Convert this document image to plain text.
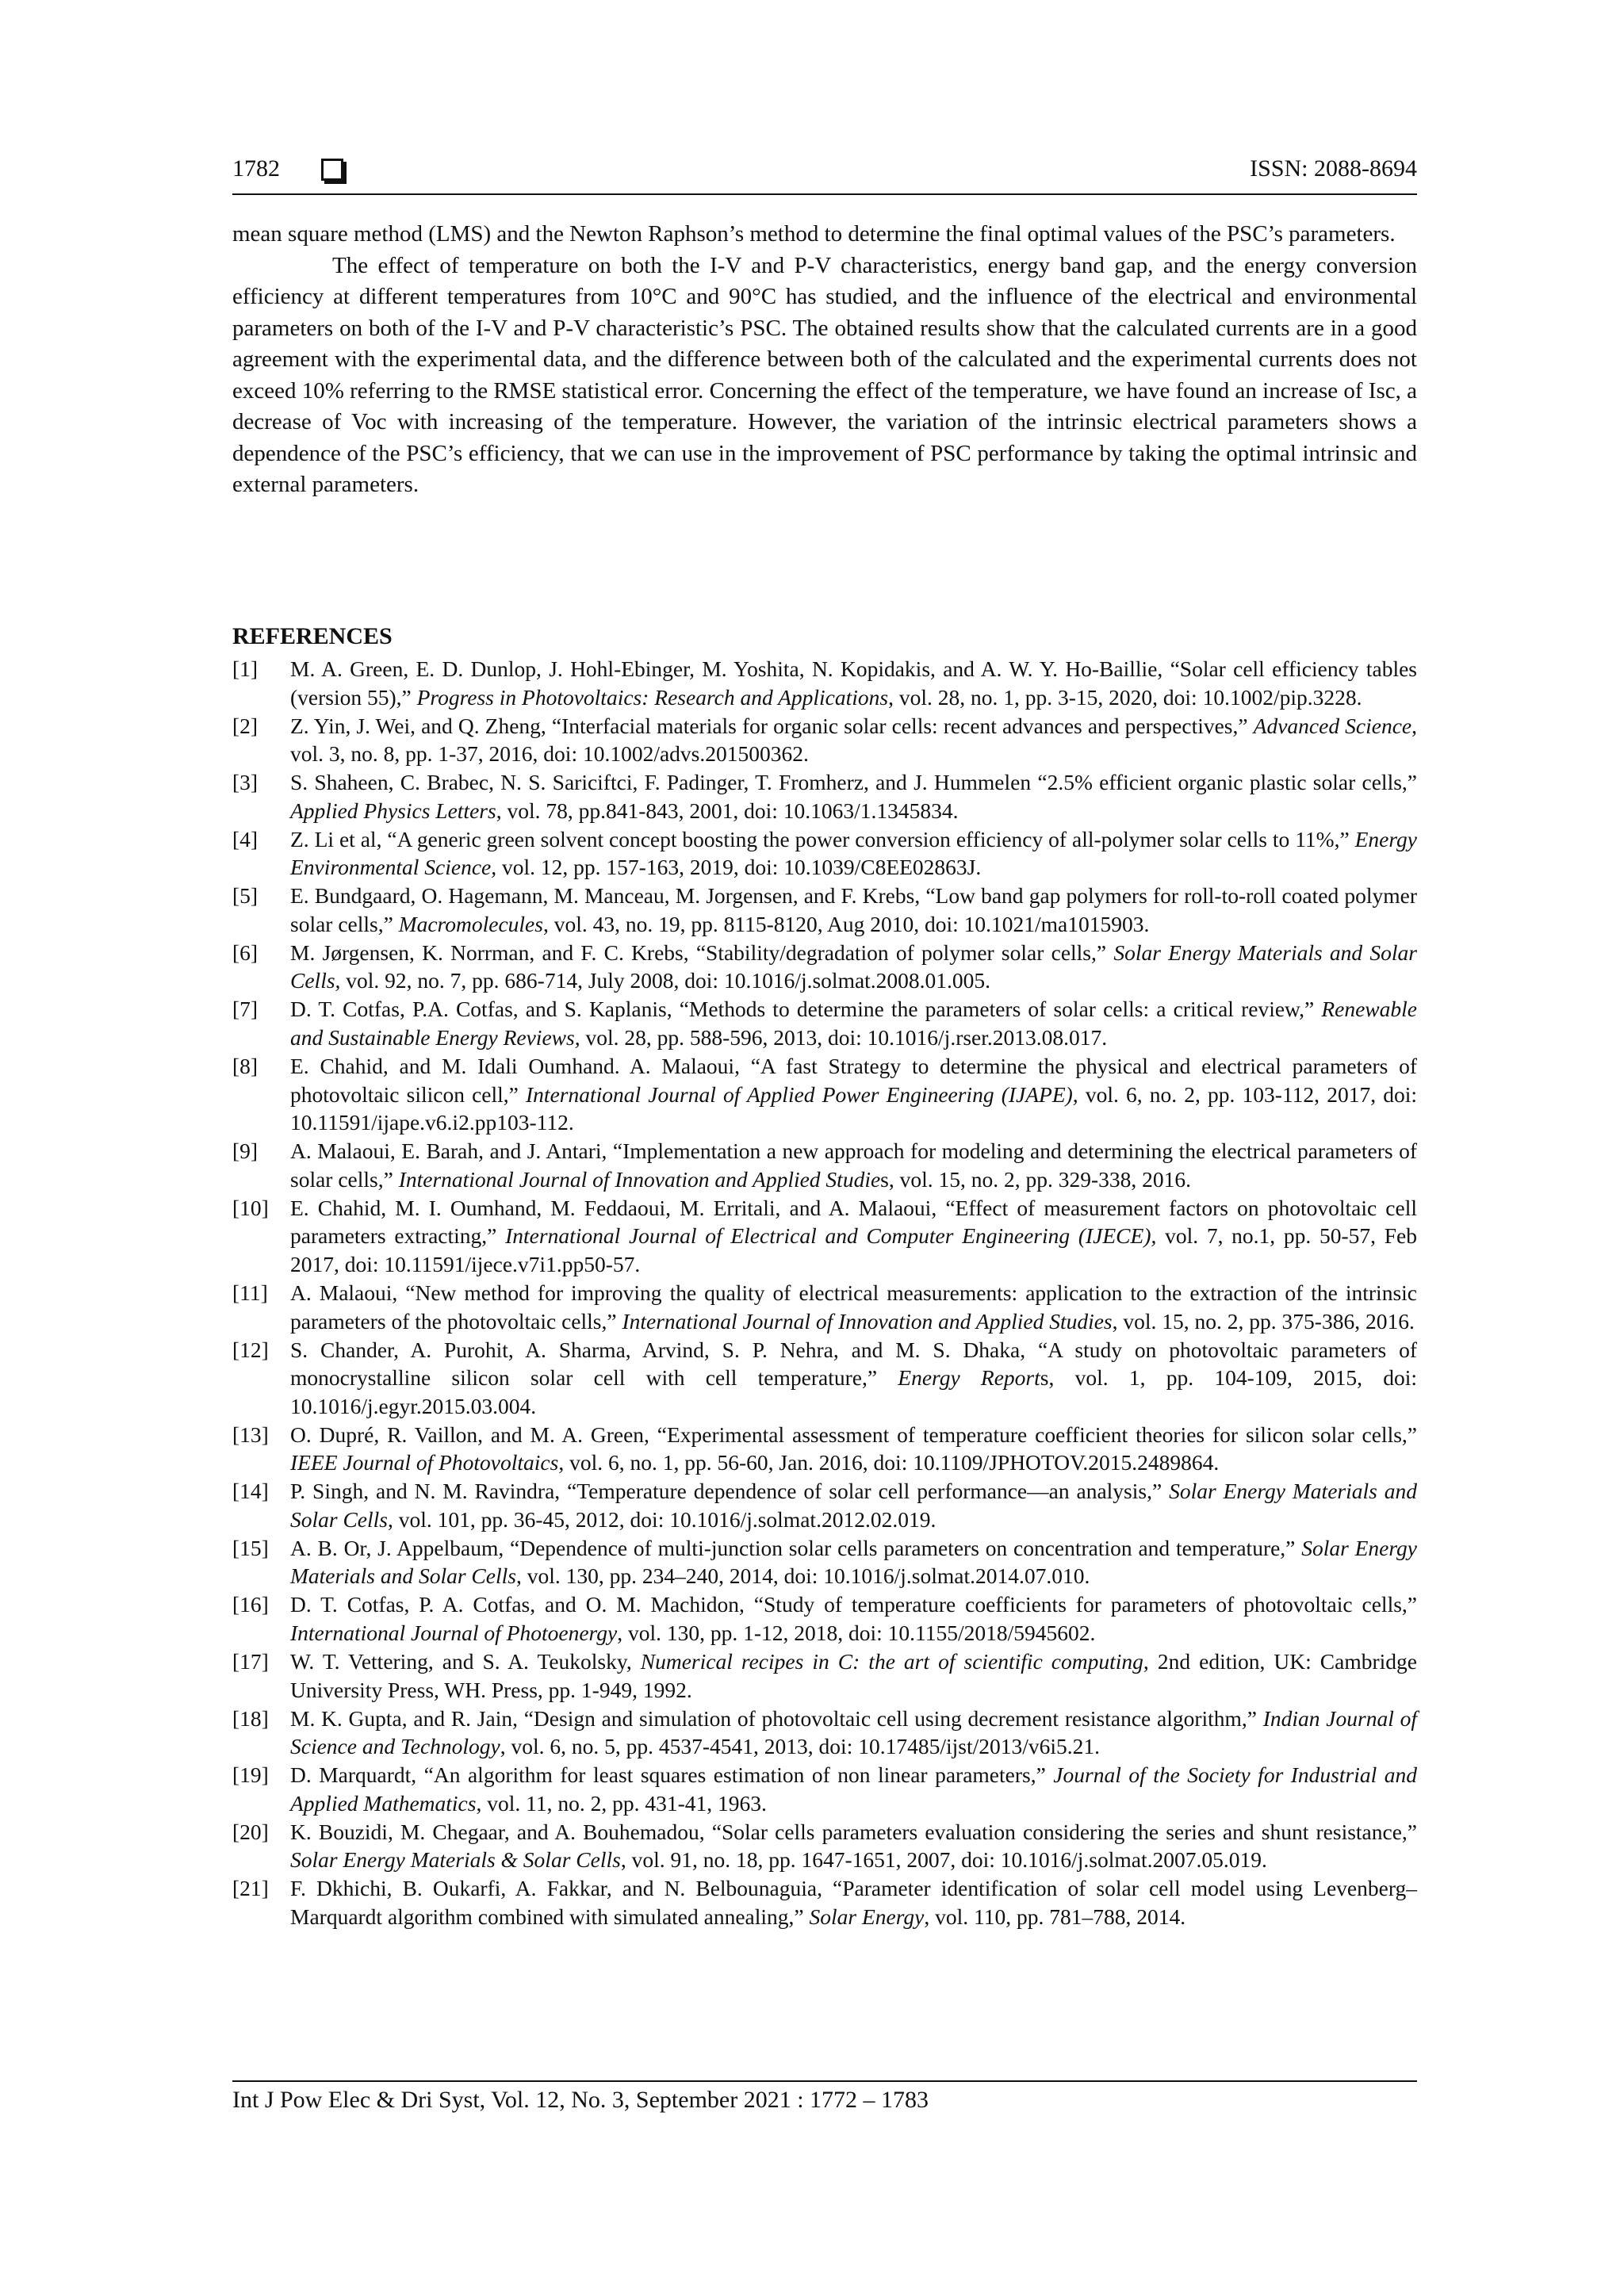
1782	ISSN: 2088-8694

mean square method (LMS) and the Newton Raphson’s method to determine the final optimal values of the PSC’s parameters.

The effect of temperature on both the I-V and P-V characteristics, energy band gap, and the energy conversion efficiency at different temperatures from 10°C and 90°C has studied, and the influence of the electrical and environmental parameters on both of the I-V and P-V characteristic’s PSC. The obtained results show that the calculated currents are in a good agreement with the experimental data, and the difference between both of the calculated and the experimental currents does not exceed 10% referring to the RMSE statistical error. Concerning the effect of the temperature, we have found an increase of Isc, a decrease of Voc with increasing of the temperature. However, the variation of the intrinsic electrical parameters shows a dependence of the PSC’s efficiency, that we can use in the improvement of PSC performance by taking the optimal intrinsic and external parameters.

REFERENCES
[1] M. A. Green, E. D. Dunlop, J. Hohl-Ebinger, M. Yoshita, N. Kopidakis, and A. W. Y. Ho-Baillie, “Solar cell efficiency tables (version 55),” Progress in Photovoltaics: Research and Applications, vol. 28, no. 1, pp. 3-15, 2020, doi: 10.1002/pip.3228.
[2] Z. Yin, J. Wei, and Q. Zheng, “Interfacial materials for organic solar cells: recent advances and perspectives,” Advanced Science, vol. 3, no. 8, pp. 1-37, 2016, doi: 10.1002/advs.201500362.
[3] S. Shaheen, C. Brabec, N. S. Sariciftci, F. Padinger, T. Fromherz, and J. Hummelen “2.5% efficient organic plastic solar cells,” Applied Physics Letters, vol. 78, pp.841-843, 2001, doi: 10.1063/1.1345834.
[4] Z. Li et al, “A generic green solvent concept boosting the power conversion efficiency of all-polymer solar cells to 11%,” Energy Environmental Science, vol. 12, pp. 157-163, 2019, doi: 10.1039/C8EE02863J.
[5] E. Bundgaard, O. Hagemann, M. Manceau, M. Jorgensen, and F. Krebs, “Low band gap polymers for roll-to-roll coated polymer solar cells,” Macromolecules, vol. 43, no. 19, pp. 8115-8120, Aug 2010, doi: 10.1021/ma1015903.
[6] M. Jørgensen, K. Norrman, and F. C. Krebs, “Stability/degradation of polymer solar cells,” Solar Energy Materials and Solar Cells, vol. 92, no. 7, pp. 686-714, July 2008, doi: 10.1016/j.solmat.2008.01.005.
[7] D. T. Cotfas, P.A. Cotfas, and S. Kaplanis, “Methods to determine the parameters of solar cells: a critical review,” Renewable and Sustainable Energy Reviews, vol. 28, pp. 588-596, 2013, doi: 10.1016/j.rser.2013.08.017.
[8] E. Chahid, and M. Idali Oumhand. A. Malaoui, “A fast Strategy to determine the physical and electrical parameters of photovoltaic silicon cell,” International Journal of Applied Power Engineering (IJAPE), vol. 6, no. 2, pp. 103-112, 2017, doi: 10.11591/ijape.v6.i2.pp103-112.
[9] A. Malaoui, E. Barah, and J. Antari, “Implementation a new approach for modeling and determining the electrical parameters of solar cells,” International Journal of Innovation and Applied Studies, vol. 15, no. 2, pp. 329-338, 2016.
[10] E. Chahid, M. I. Oumhand, M. Feddaoui, M. Erritali, and A. Malaoui, “Effect of measurement factors on photovoltaic cell parameters extracting,” International Journal of Electrical and Computer Engineering (IJECE), vol. 7, no.1, pp. 50-57, Feb 2017, doi: 10.11591/ijece.v7i1.pp50-57.
[11] A. Malaoui, “New method for improving the quality of electrical measurements: application to the extraction of the intrinsic parameters of the photovoltaic cells,” International Journal of Innovation and Applied Studies, vol. 15, no. 2, pp. 375-386, 2016.
[12] S. Chander, A. Purohit, A. Sharma, Arvind, S. P. Nehra, and M. S. Dhaka, “A study on photovoltaic parameters of monocrystalline silicon solar cell with cell temperature,” Energy Reports, vol. 1, pp. 104-109, 2015, doi: 10.1016/j.egyr.2015.03.004.
[13] O. Dupré, R. Vaillon, and M. A. Green, “Experimental assessment of temperature coefficient theories for silicon solar cells,” IEEE Journal of Photovoltaics, vol. 6, no. 1, pp. 56-60, Jan. 2016, doi: 10.1109/JPHOTOV.2015.2489864.
[14] P. Singh, and N. M. Ravindra, “Temperature dependence of solar cell performance—an analysis,” Solar Energy Materials and Solar Cells, vol. 101, pp. 36-45, 2012, doi: 10.1016/j.solmat.2012.02.019.
[15] A. B. Or, J. Appelbaum, “Dependence of multi-junction solar cells parameters on concentration and temperature,” Solar Energy Materials and Solar Cells, vol. 130, pp. 234–240, 2014, doi: 10.1016/j.solmat.2014.07.010.
[16] D. T. Cotfas, P. A. Cotfas, and O. M. Machidon, “Study of temperature coefficients for parameters of photovoltaic cells,” International Journal of Photoenergy, vol. 130, pp. 1-12, 2018, doi: 10.1155/2018/5945602.
[17] W. T. Vettering, and S. A. Teukolsky, Numerical recipes in C: the art of scientific computing, 2nd edition, UK: Cambridge University Press, WH. Press, pp. 1-949, 1992.
[18] M. K. Gupta, and R. Jain, “Design and simulation of photovoltaic cell using decrement resistance algorithm,” Indian Journal of Science and Technology, vol. 6, no. 5, pp. 4537-4541, 2013, doi: 10.17485/ijst/2013/v6i5.21.
[19] D. Marquardt, “An algorithm for least squares estimation of non linear parameters,” Journal of the Society for Industrial and Applied Mathematics, vol. 11, no. 2, pp. 431-41, 1963.
[20] K. Bouzidi, M. Chegaar, and A. Bouhemadou, “Solar cells parameters evaluation considering the series and shunt resistance,” Solar Energy Materials & Solar Cells, vol. 91, no. 18, pp. 1647-1651, 2007, doi: 10.1016/j.solmat.2007.05.019.
[21] F. Dkhichi, B. Oukarfi, A. Fakkar, and N. Belbounaguia, “Parameter identification of solar cell model using Levenberg–Marquardt algorithm combined with simulated annealing,” Solar Energy, vol. 110, pp. 781–788, 2014.
Int J Pow Elec & Dri Syst, Vol. 12, No. 3, September 2021 : 1772 – 1783
